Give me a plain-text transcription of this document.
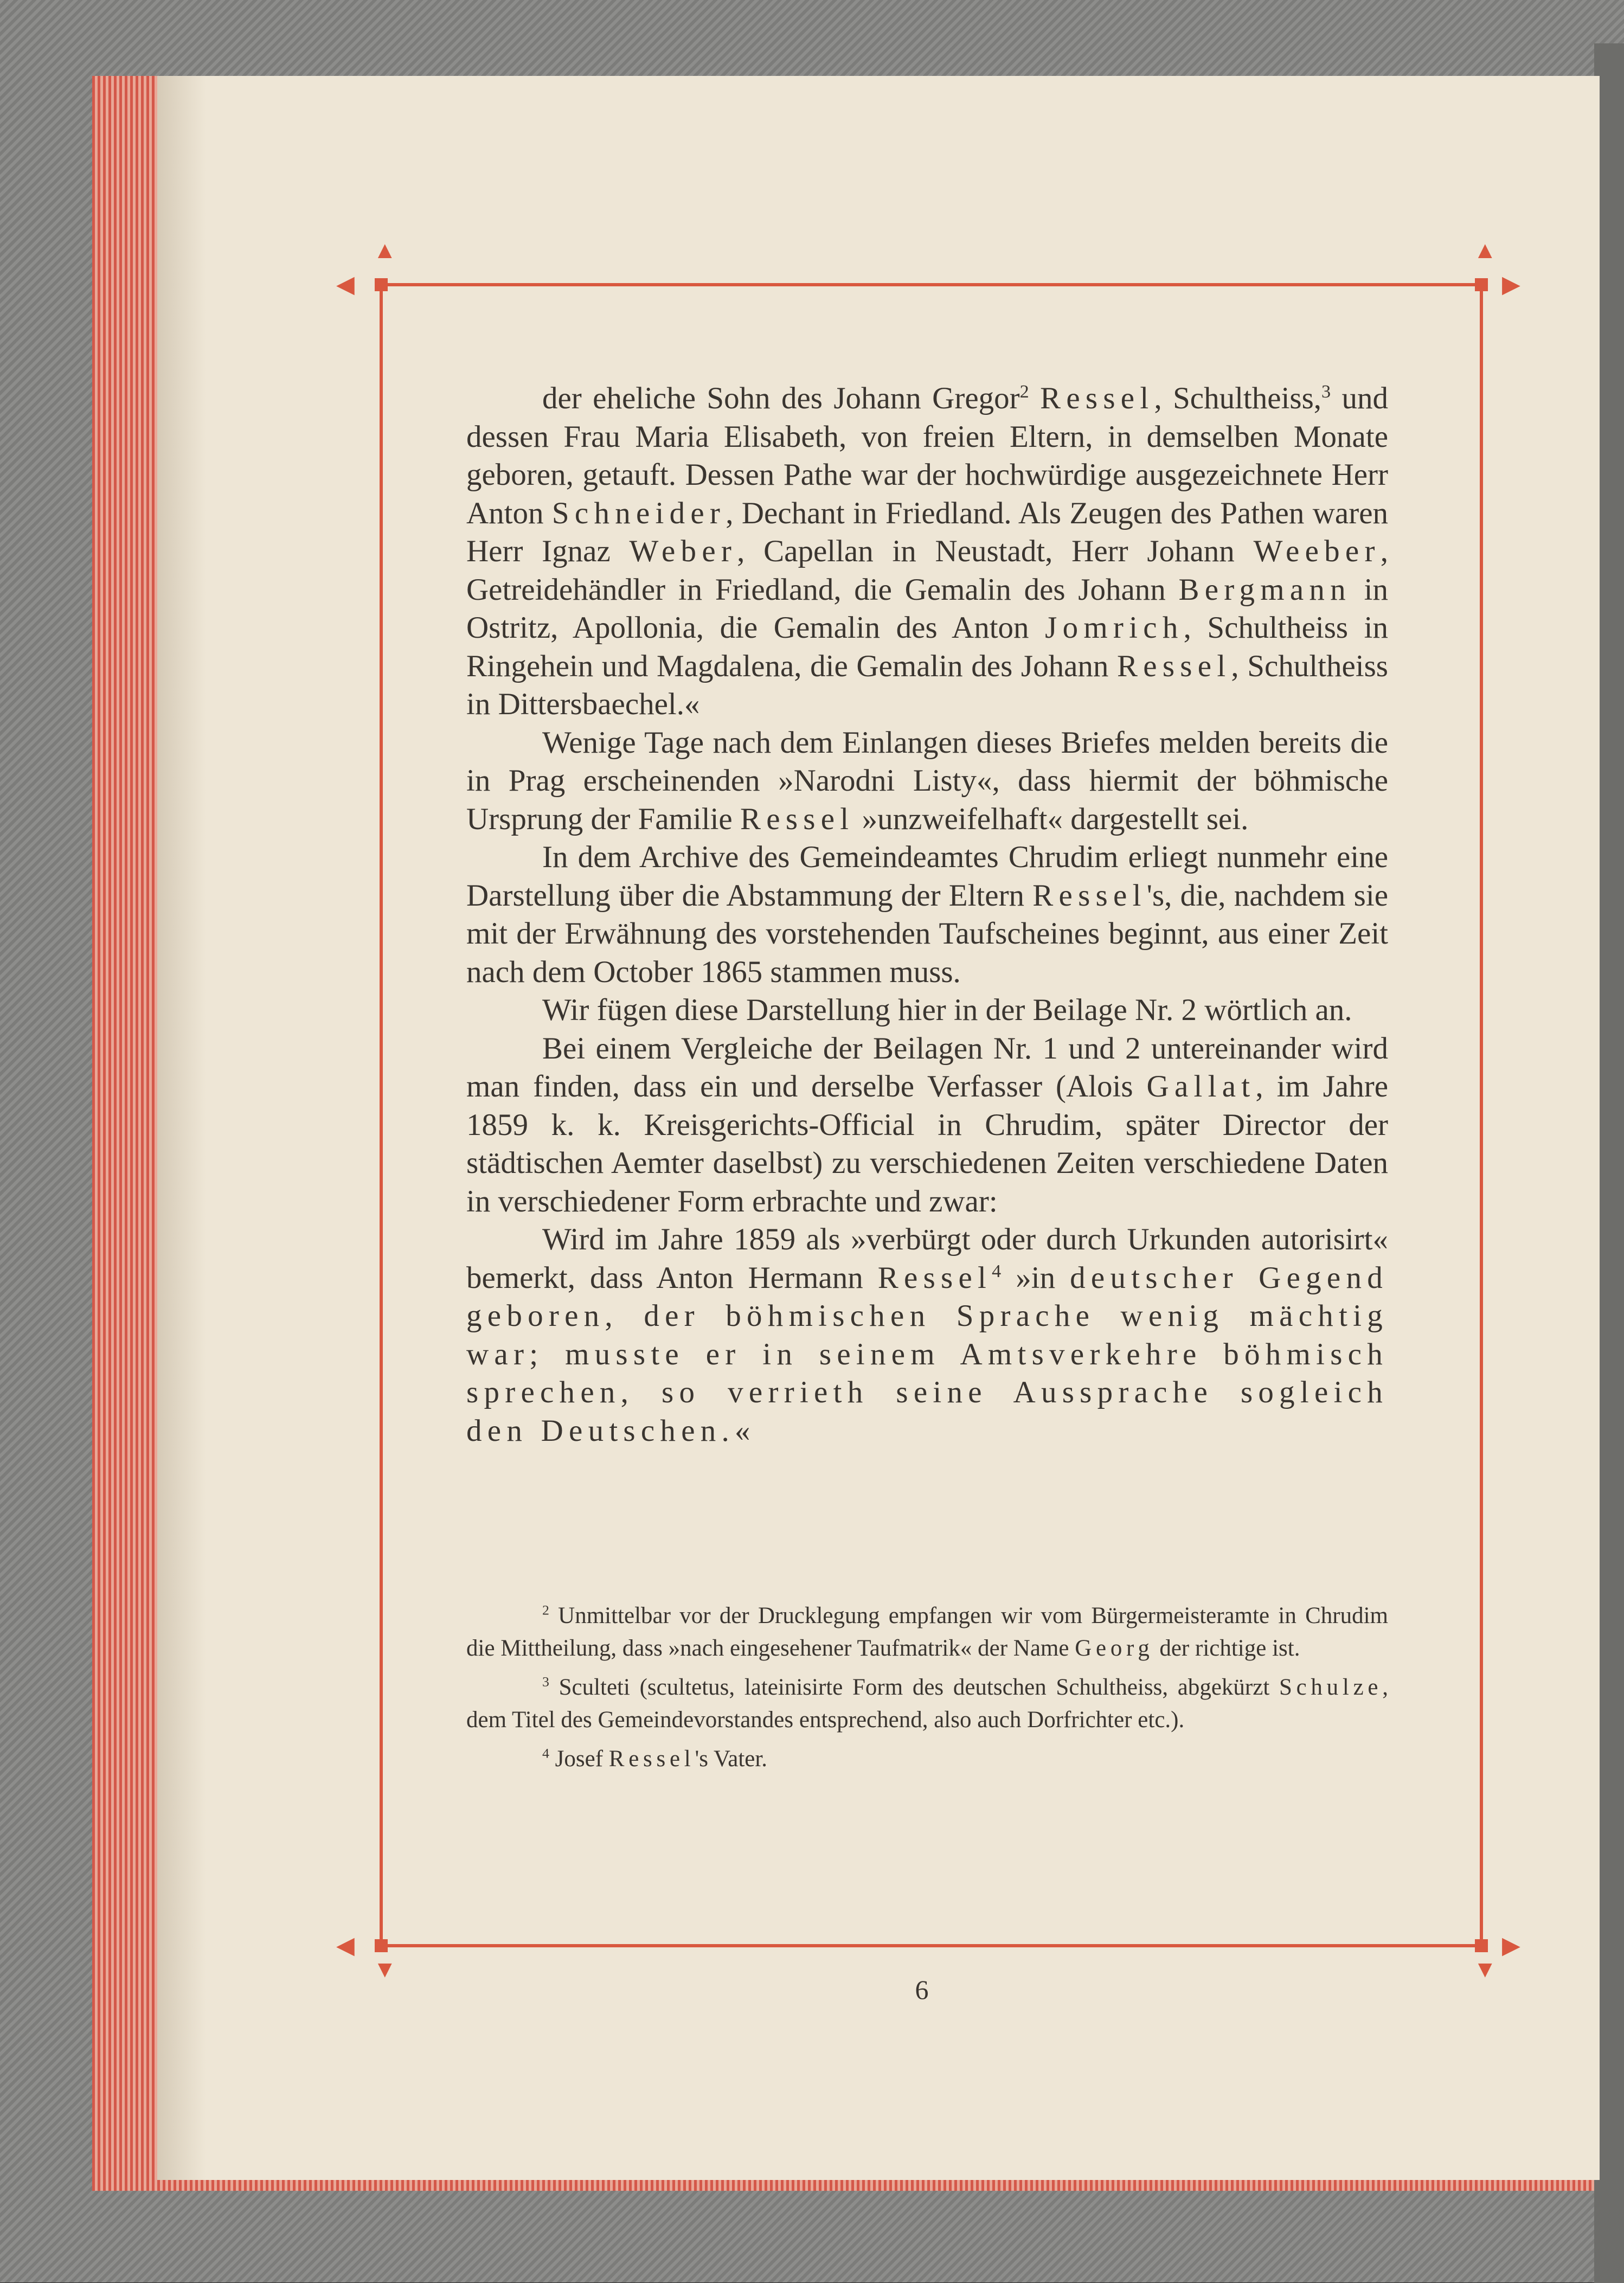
▲
◀
▲
▶
▼
◀
▼
▶

der eheliche Sohn des Johann Gregor$^2$ Ressel, Schultheiss,$^3$ und dessen Frau Maria Elisabeth, von freien Eltern, in demselben Monate geboren, getauft. Dessen Pathe war der hochwürdige ausgezeichnete Herr Anton Schneider, Dechant in Friedland. Als Zeugen des Pathen waren Herr Ignaz Weber, Capellan in Neustadt, Herr Johann Weeber, Getreidehändler in Friedland, die Gemalin des Johann Bergmann in Ostritz, Apollonia, die Gemalin des Anton Jomrich, Schultheiss in Ringehein und Magdalena, die Gemalin des Johann Ressel, Schultheiss in Dittersbaechel.«

Wenige Tage nach dem Einlangen dieses Briefes melden bereits die in Prag erscheinenden »Narodni Listy«, dass hiermit der böhmische Ursprung der Familie Ressel »unzweifelhaft« dargestellt sei.

In dem Archive des Gemeindeamtes Chrudim erliegt nunmehr eine Darstellung über die Abstammung der Eltern Ressel's, die, nachdem sie mit der Erwähnung des vorstehenden Taufscheines beginnt, aus einer Zeit nach dem October 1865 stammen muss.

Wir fügen diese Darstellung hier in der Beilage Nr. 2 wörtlich an.

Bei einem Vergleiche der Beilagen Nr. 1 und 2 untereinander wird man finden, dass ein und derselbe Verfasser (Alois Gallat, im Jahre 1859 k. k. Kreisgerichts-Official in Chrudim, später Director der städtischen Aemter daselbst) zu verschiedenen Zeiten verschiedene Daten in verschiedener Form erbrachte und zwar:

Wird im Jahre 1859 als »verbürgt oder durch Urkunden autorisirt« bemerkt, dass Anton Hermann Ressel$^4$ »in deutscher Gegend geboren, der böhmischen Sprache wenig mächtig war; musste er in seinem Amtsverkehre böhmisch sprechen, so verrieth seine Aussprache sogleich den Deutschen.«

$^2$ Unmittelbar vor der Drucklegung empfangen wir vom Bürgermeisteramte in Chrudim die Mittheilung, dass »nach eingesehener Taufmatrik« der Name Georg der richtige ist.

$^3$ Sculteti (scultetus, lateinisirte Form des deutschen Schultheiss, abgekürzt Schulze, dem Titel des Gemeindevorstandes entsprechend, also auch Dorfrichter etc.).

$^4$ Josef Ressel's Vater.

6
